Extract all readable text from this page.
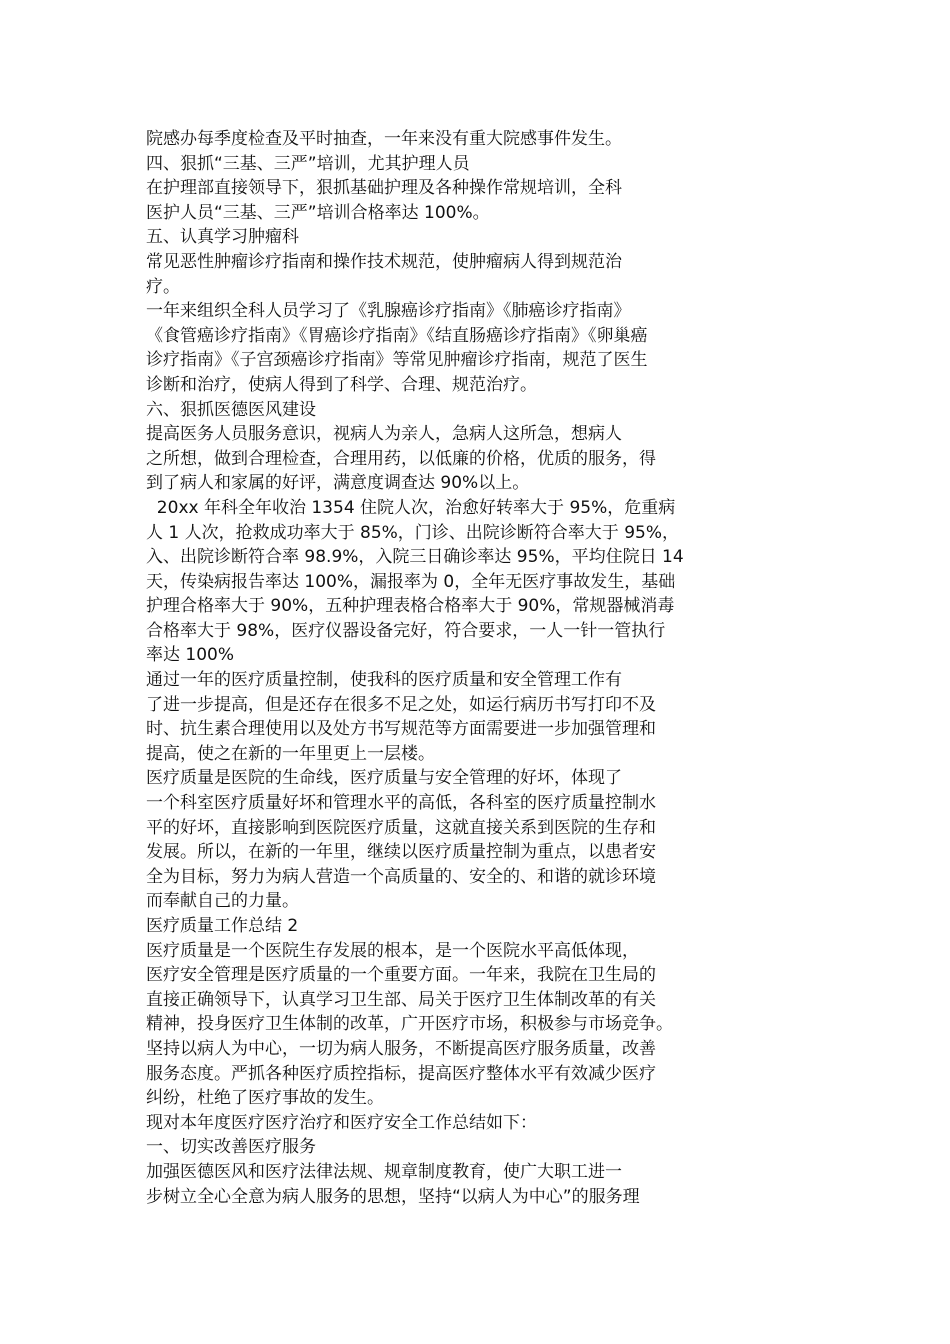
院感办每季度检查及平时抽查，一年来没有重大院感事件发生。
四、狠抓“三基、三严”培训，尤其护理人员
在护理部直接领导下，狠抓基础护理及各种操作常规培训，全科
医护人员“三基、三严”培训合格率达 100%。
五、认真学习肿瘤科
常见恶性肿瘤诊疗指南和操作技术规范，使肿瘤病人得到规范治
疗。
一年来组织全科人员学习了《乳腺癌诊疗指南》《肺癌诊疗指南》
《食管癌诊疗指南》《胃癌诊疗指南》《结直肠癌诊疗指南》《卵巢癌
诊疗指南》《子宫颈癌诊疗指南》等常见肿瘤诊疗指南，规范了医生
诊断和治疗，使病人得到了科学、合理、规范治疗。
六、狠抓医德医风建设
提高医务人员服务意识，视病人为亲人，急病人这所急，想病人
之所想，做到合理检查，合理用药，以低廉的价格，优质的服务，得
到了病人和家属的好评，满意度调查达 90%以上。
20xx 年科全年收治 1354 住院人次，治愈好转率大于 95%，危重病
人 1 人次，抢救成功率大于 85%，门诊、出院诊断符合率大于 95%，
入、出院诊断符合率 98.9%，入院三日确诊率达 95%，平均住院日 14
天，传染病报告率达 100%，漏报率为 0，全年无医疗事故发生，基础
护理合格率大于 90%，五种护理表格合格率大于 90%，常规器械消毒
合格率大于 98%，医疗仪器设备完好，符合要求，一人一针一管执行
率达 100%
通过一年的医疗质量控制，使我科的医疗质量和安全管理工作有
了进一步提高，但是还存在很多不足之处，如运行病历书写打印不及
时、抗生素合理使用以及处方书写规范等方面需要进一步加强管理和
提高，使之在新的一年里更上一层楼。
医疗质量是医院的生命线，医疗质量与安全管理的好坏，体现了
一个科室医疗质量好坏和管理水平的高低，各科室的医疗质量控制水
平的好坏，直接影响到医院医疗质量，这就直接关系到医院的生存和
发展。所以，在新的一年里，继续以医疗质量控制为重点，以患者安
全为目标，努力为病人营造一个高质量的、安全的、和谐的就诊环境
而奉献自己的力量。
医疗质量工作总结 2
医疗质量是一个医院生存发展的根本，是一个医院水平高低体现，
医疗安全管理是医疗质量的一个重要方面。一年来，我院在卫生局的
直接正确领导下，认真学习卫生部、局关于医疗卫生体制改革的有关
精神，投身医疗卫生体制的改革，广开医疗市场，积极参与市场竞争。
坚持以病人为中心，一切为病人服务，不断提高医疗服务质量，改善
服务态度。严抓各种医疗质控指标，提高医疗整体水平有效减少医疗
纠纷，杜绝了医疗事故的发生。
现对本年度医疗医疗治疗和医疗安全工作总结如下：
一、切实改善医疗服务
加强医德医风和医疗法律法规、规章制度教育，使广大职工进一
步树立全心全意为病人服务的思想，坚持“以病人为中心”的服务理
